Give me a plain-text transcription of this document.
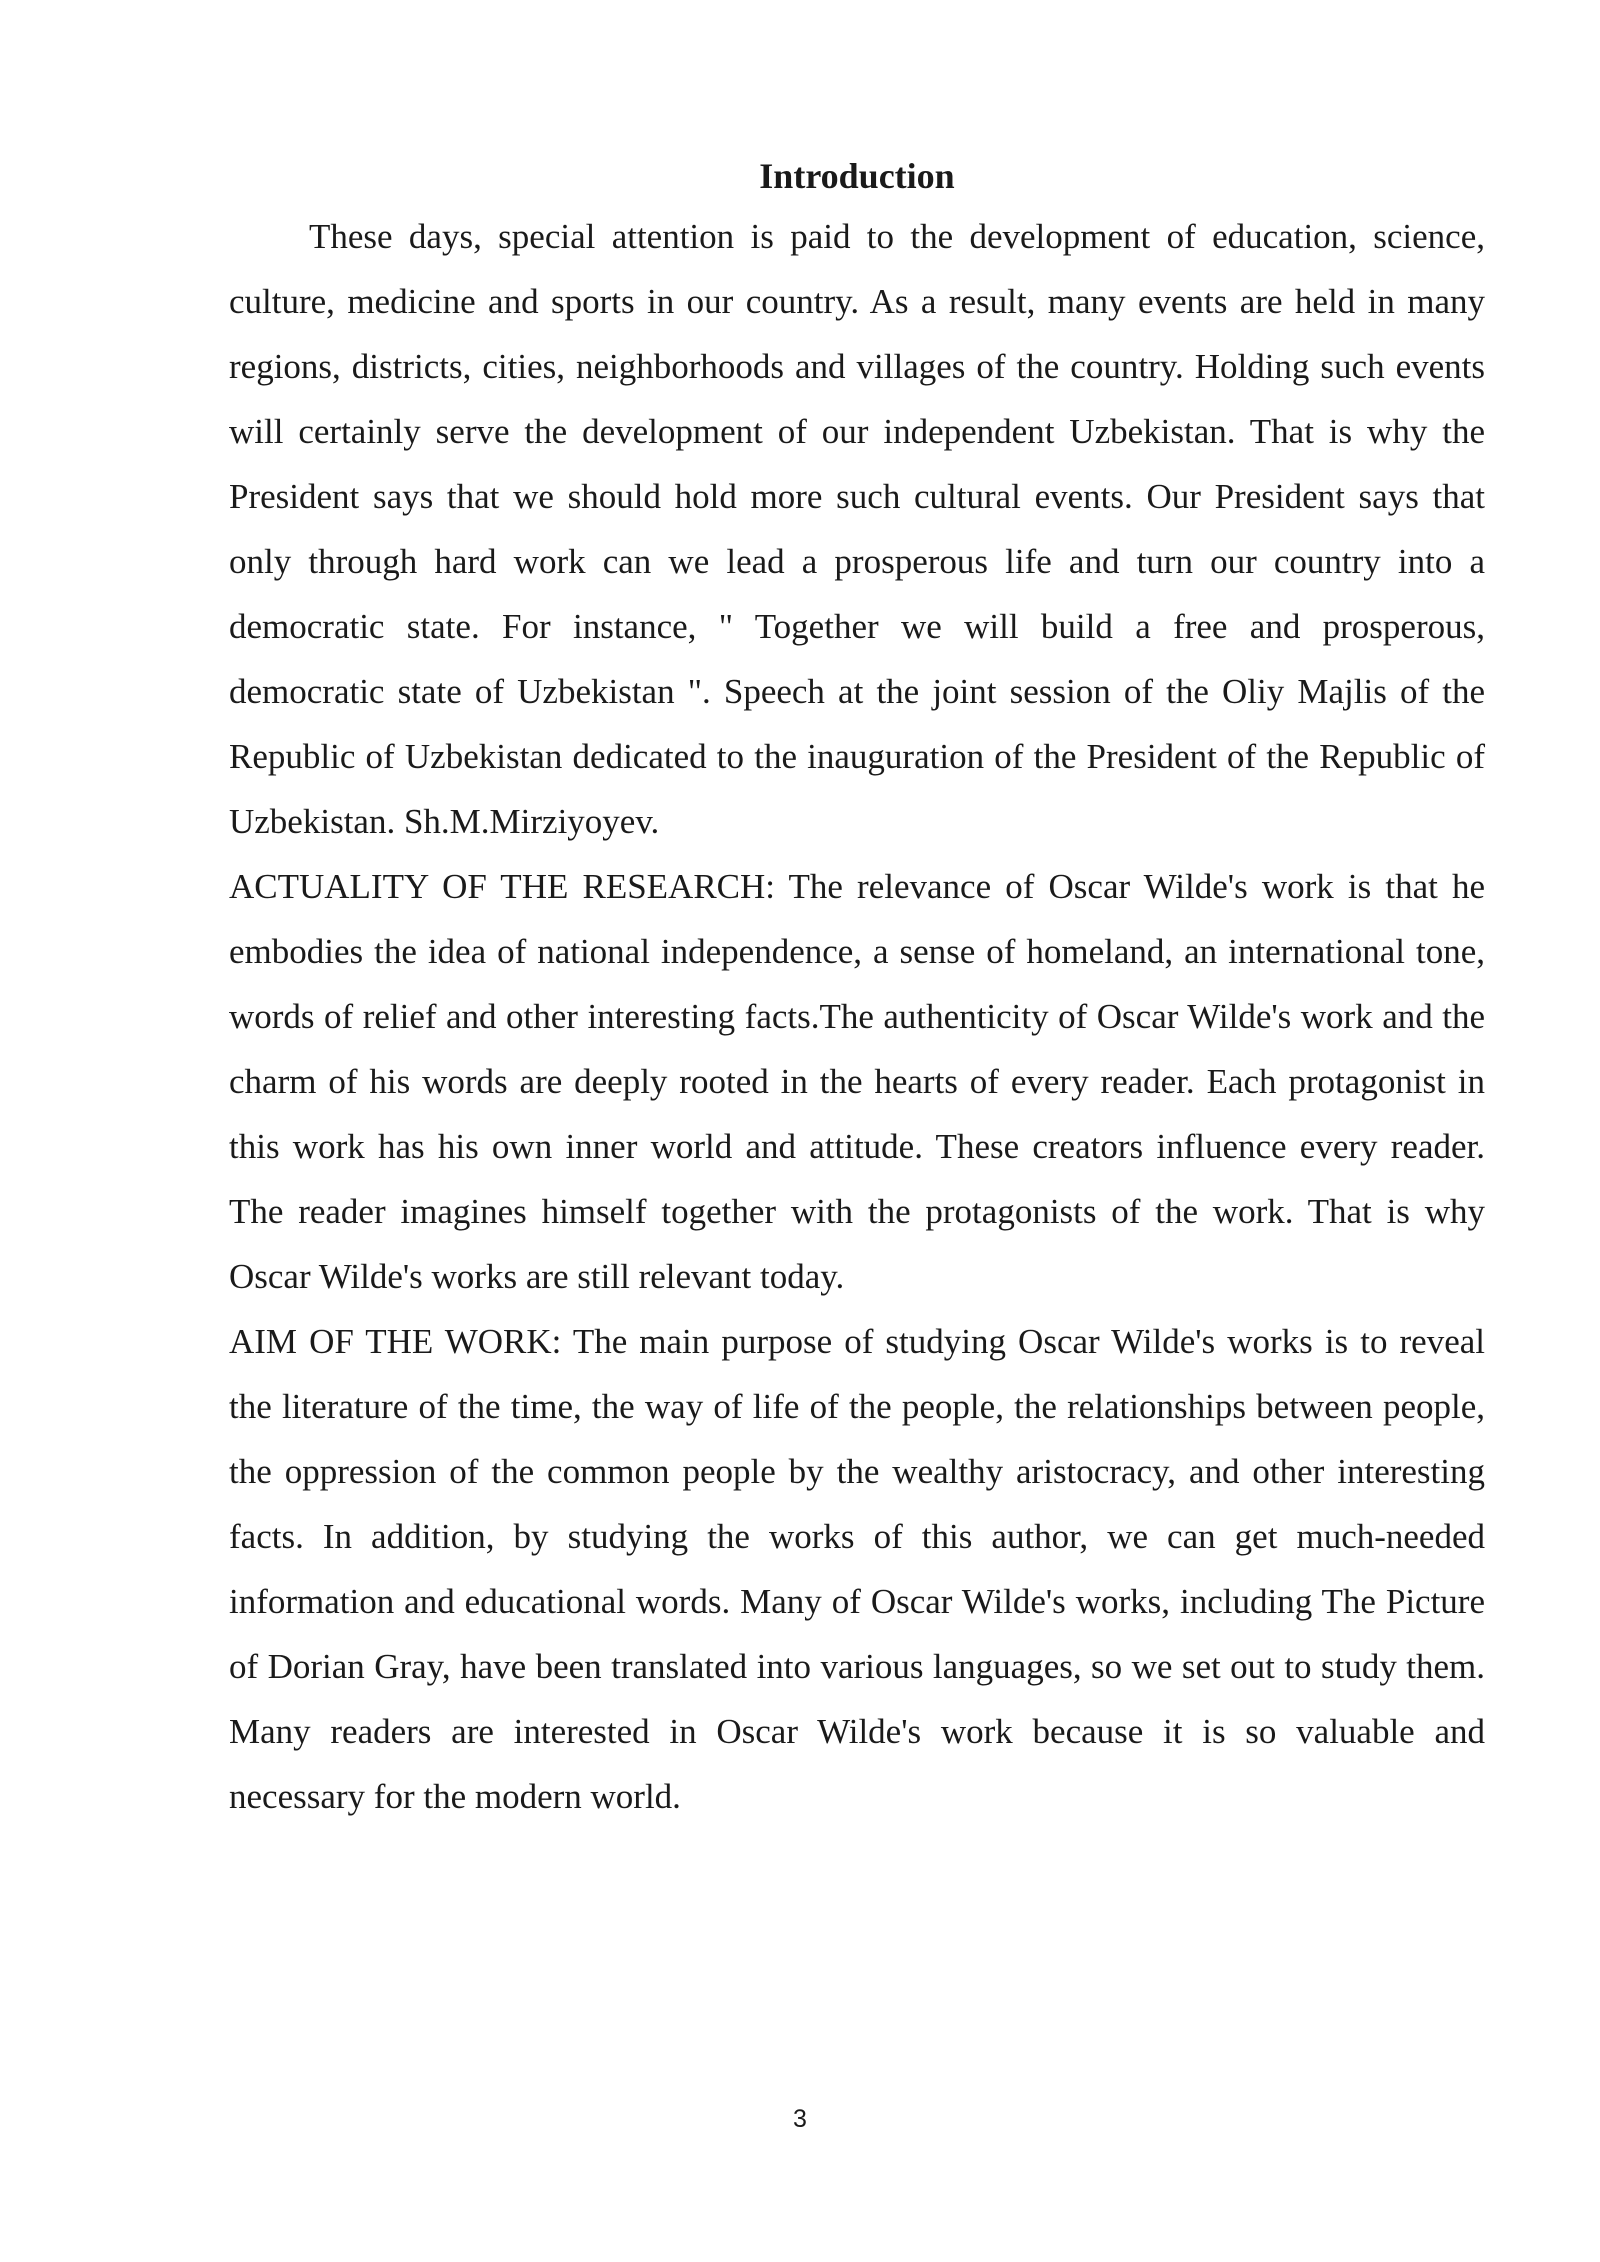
Introduction

These days, special attention is paid to the development of education, science, culture, medicine and sports in our country. As a result, many events are held in many regions, districts, cities, neighborhoods and villages of the country. Holding such events will certainly serve the development of our independent Uzbekistan. That is why the President says that we should hold more such cultural events. Our President says that only through hard work can we lead a prosperous life and turn our country into a democratic state. For instance, " Together we will build a free and prosperous, democratic state of Uzbekistan ". Speech at the joint session of the Oliy Majlis of the Republic of Uzbekistan dedicated to the inauguration of the President of the Republic of Uzbekistan. Sh.M.Mirziyoyev.

ACTUALITY OF THE RESEARCH: The relevance of Oscar Wilde's work is that he embodies the idea of national independence, a sense of homeland, an international tone, words of relief and other interesting facts.The authenticity of Oscar Wilde's work and the charm of his words are deeply rooted in the hearts of every reader. Each protagonist in this work has his own inner world and attitude. These creators influence every reader. The reader imagines himself together with the protagonists of the work. That is why Oscar Wilde's works are still relevant today.

AIM OF THE WORK: The main purpose of studying Oscar Wilde's works is to reveal the literature of the time, the way of life of the people, the relationships between people, the oppression of the common people by the wealthy aristocracy, and other interesting facts. In addition, by studying the works of this author, we can get much-needed information and educational words. Many of Oscar Wilde's works, including The Picture of Dorian Gray, have been translated into various languages, so we set out to study them. Many readers are interested in Oscar Wilde's work because it is so valuable and necessary for the modern world.

3
